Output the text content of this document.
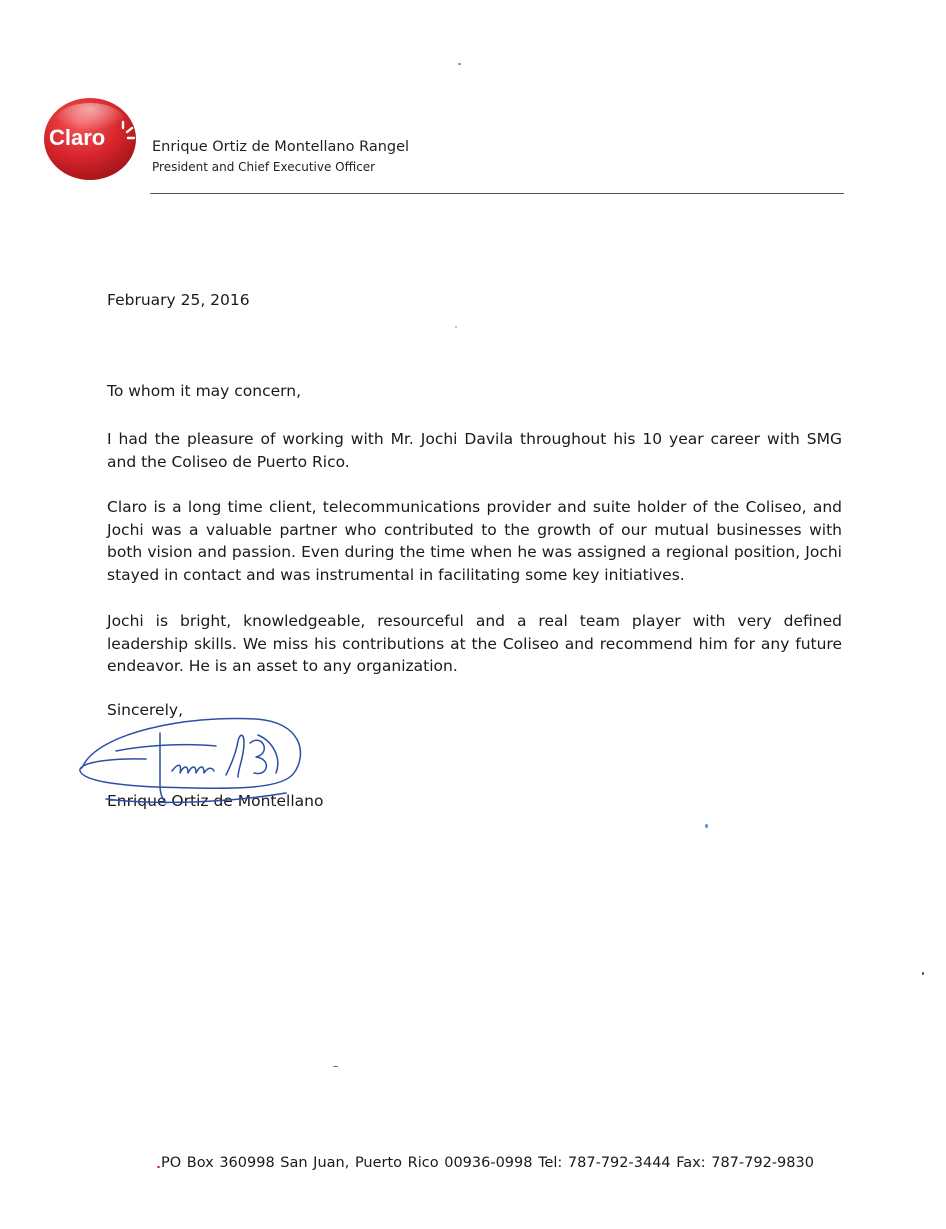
Claro	Enrique Ortiz de Montellano Rangel
President and Chief Executive Officer
February 25, 2016
To whom it may concern,

I had the pleasure of working with Mr. Jochi Davila throughout his 10 year career with SMG and the Coliseo de Puerto Rico.

Claro is a long time client, telecommunications provider and suite holder of the Coliseo, and Jochi was a valuable partner who contributed to the growth of our mutual businesses with both vision and passion. Even during the time when he was assigned a regional position, Jochi stayed in contact and was instrumental in facilitating some key initiatives.

Jochi is bright, knowledgeable, resourceful and a real team player with very defined leadership skills. We miss his contributions at the Coliseo and recommend him for any future endeavor. He is an asset to any organization.

Sincerely,
Enrique Ortiz de Montellano
PO Box 360998 San Juan, Puerto Rico 00936-0998 Tel: 787-792-3444 Fax: 787-792-9830
